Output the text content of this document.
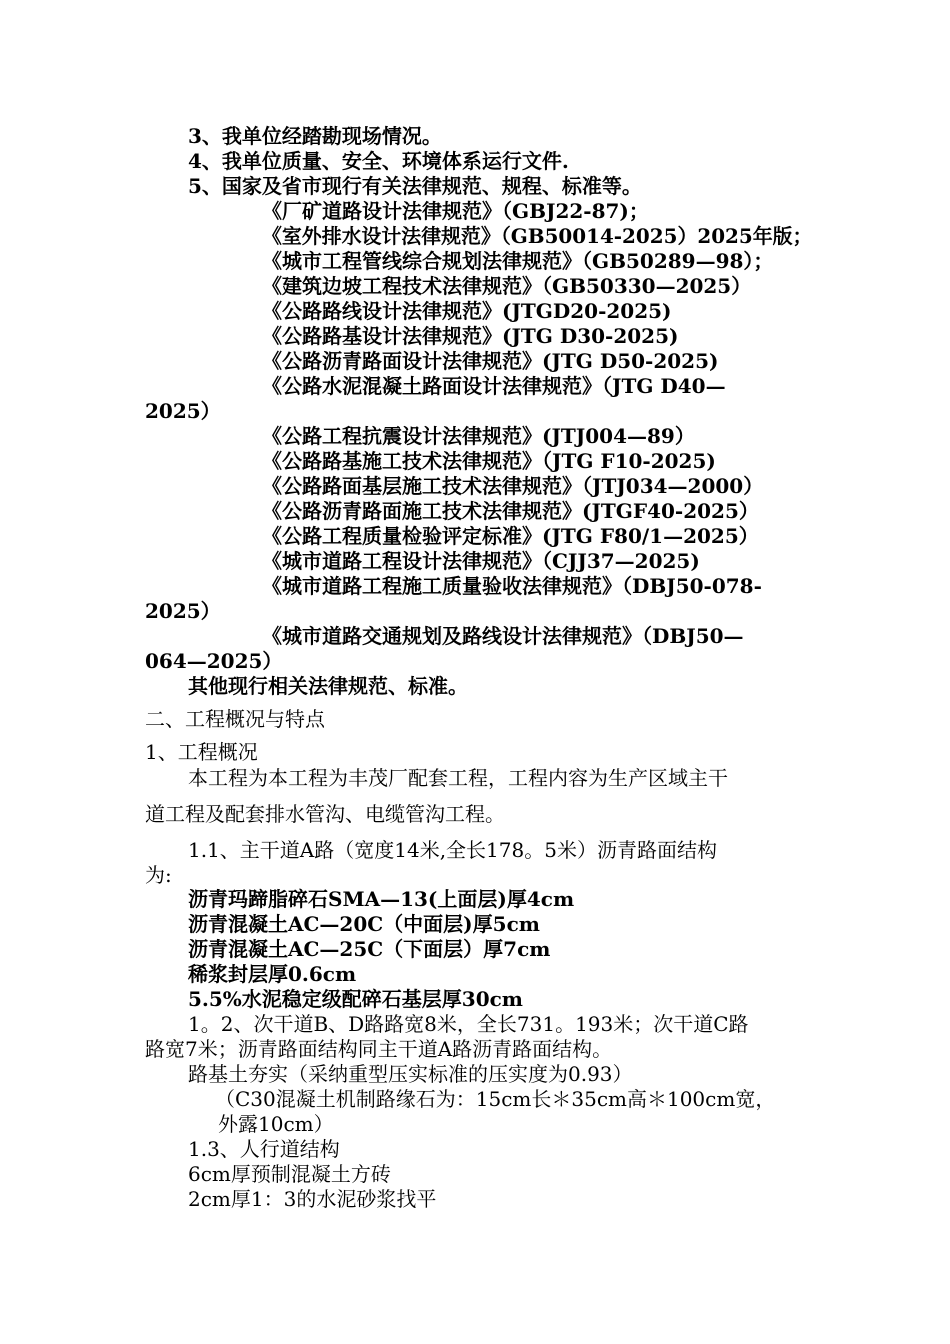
3、我单位经踏勘现场情况。
4、我单位质量、安全、环境体系运行文件.
5、国家及省市现行有关法律规范、规程、标准等。
《厂矿道路设计法律规范》（GBJ22-87)；
《室外排水设计法律规范》（GB50014-2025）2025年版；
《城市工程管线综合规划法律规范》（GB50289—98）；
《建筑边坡工程技术法律规范》（GB50330—2025）
《公路路线设计法律规范》(JTGD20-2025)
《公路路基设计法律规范》(JTG D30-2025)
《公路沥青路面设计法律规范》(JTG D50-2025)
《公路水泥混凝土路面设计法律规范》（JTG D40—
2025）
《公路工程抗震设计法律规范》(JTJ004—89）
《公路路基施工技术法律规范》（JTG F10-2025)
《公路路面基层施工技术法律规范》（JTJ034—2000）
《公路沥青路面施工技术法律规范》(JTGF40-2025）
《公路工程质量检验评定标准》(JTG F80/1—2025）
《城市道路工程设计法律规范》（CJJ37—2025)
《城市道路工程施工质量验收法律规范》（DBJ50-078-
2025）
《城市道路交通规划及路线设计法律规范》（DBJ50—
064—2025）
其他现行相关法律规范、标准。
二、工程概况与特点
1、工程概况
本工程为本工程为丰茂厂配套工程，工程内容为生产区域主干
道工程及配套排水管沟、电缆管沟工程。
1.1、主干道A路（宽度14米,全长178。5米）沥青路面结构
为:
沥青玛蹄脂碎石SMA—13(上面层)厚4cm
沥青混凝土AC—20C（中面层)厚5cm
沥青混凝土AC—25C（下面层）厚7cm
稀浆封层厚0.6cm
5.5%水泥稳定级配碎石基层厚30cm
1。2、次干道B、D路路宽8米，全长731。193米；次干道C路
路宽7米；沥青路面结构同主干道A路沥青路面结构。
路基土夯实（采纳重型压实标准的压实度为0.93）
（C30混凝土机制路缘石为：15cm长＊35cm高＊100cm宽，
外露10cm）
1.3、人行道结构
6cm厚预制混凝土方砖
2cm厚1：3的水泥砂浆找平
